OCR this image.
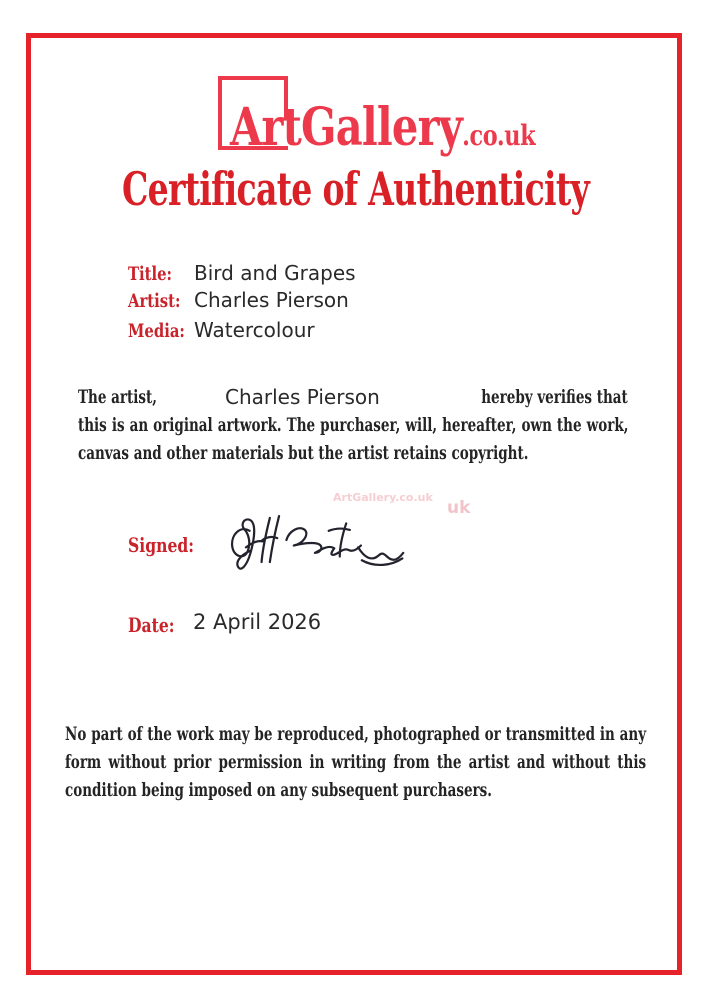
ArtGallery.co.uk
Certificate of Authenticity
Title:	Bird and Grapes
Artist: Charles Pierson
Media: Watercolour
The artist,	Charles Pierson	hereby verifies that

this is an original artwork. The purchaser, will, hereafter, own the work, canvas and other materials but the artist retains copyright.

ArtGallery.co.uk
uk
Signed:
Date: 2 April 2026

No part of the work may be reproduced, photographed or transmitted in any form without prior permission in writing from the artist and without this condition being imposed on any subsequent purchasers.
